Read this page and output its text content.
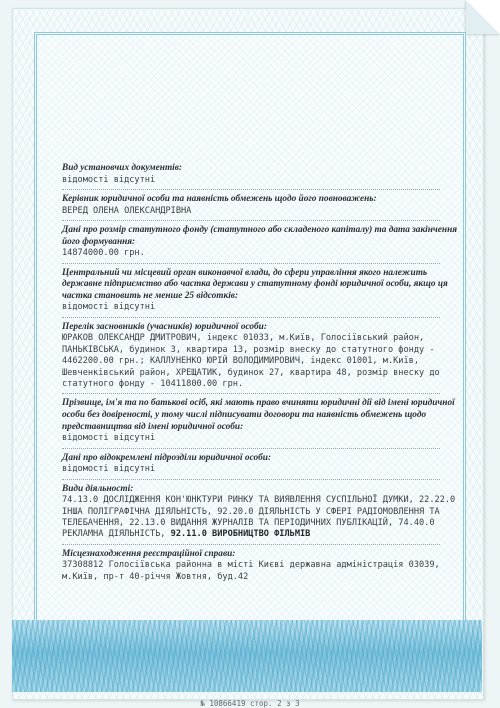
Вид установчих документів:
відомості відсутні
Керівник юридичної особи та наявність обмежень щодо його повноважень:
ВЕРЕД ОЛЕНА ОЛЕКСАНДРІВНА
Дані про розмір статутного фонду (статутного або складеного капіталу) та дата закінчення його формування:
14874000.00 грн.
Центральний чи місцевий орган виконавчої влади, до сфери управління якого належить державне підприємство або частка держави у статутному фонді юридичної особи, якщо ця частка становить не менше 25 відсотків:
відомості відсутні
Перелік засновників (учасників) юридичної особи:
ЮРАКОВ ОЛЕКСАНДР ДМИТРОВИЧ, індекс 01033, м.Київ, Голосіївський район, ПАНЬКІВСЬКА, будинок 3, квартира 13, розмір внеску до статутного фонду - 4462200.00 грн.; КАЛЛУНЕНКО ЮРІЙ ВОЛОДИМИРОВИЧ, індекс 01001, м.Київ, Шевченківський район, ХРЕЩАТИК, будинок 27, квартира 48, розмір внеску до статутного фонду - 10411800.00 грн.
Прізвище, ім'я та по батькові осіб, які мають право вчиняти юридичні дії від імені юридичної особи без довіреності, у тому числі підписувати договори та наявність обмежень щодо представництва від імені юридичної особи:
відомості відсутні
Дані про відокремлені підрозділи юридичної особи:
відомості відсутні
Види діяльності:
74.13.0 ДОСЛІДЖЕННЯ КОН'ЮНКТУРИ РИНКУ ТА ВИЯВЛЕННЯ СУСПІЛЬНОЇ ДУМКИ, 22.22.0 ІНША ПОЛІГРАФІЧНА ДІЯЛЬНІСТЬ, 92.20.0 ДІЯЛЬНІСТЬ У СФЕРІ РАДІОМОВЛЕННЯ ТА ТЕЛЕБАЧЕННЯ, 22.13.0 ВИДАННЯ ЖУРНАЛІВ ТА ПЕРІОДИЧНИХ ПУБЛІКАЦІЙ, 74.40.0 РЕКЛАМНА ДІЯЛЬНІСТЬ, 92.11.0 ВИРОБНИЦТВО ФІЛЬМІВ
Місцезнаходження реєстраційної справи:
37308812 Голосіївська районна в місті Києві державна адміністрація 03039, м.Київ, пр-т 40-річчя Жовтня, буд.42
№ 10866419 стор. 2 з 3
